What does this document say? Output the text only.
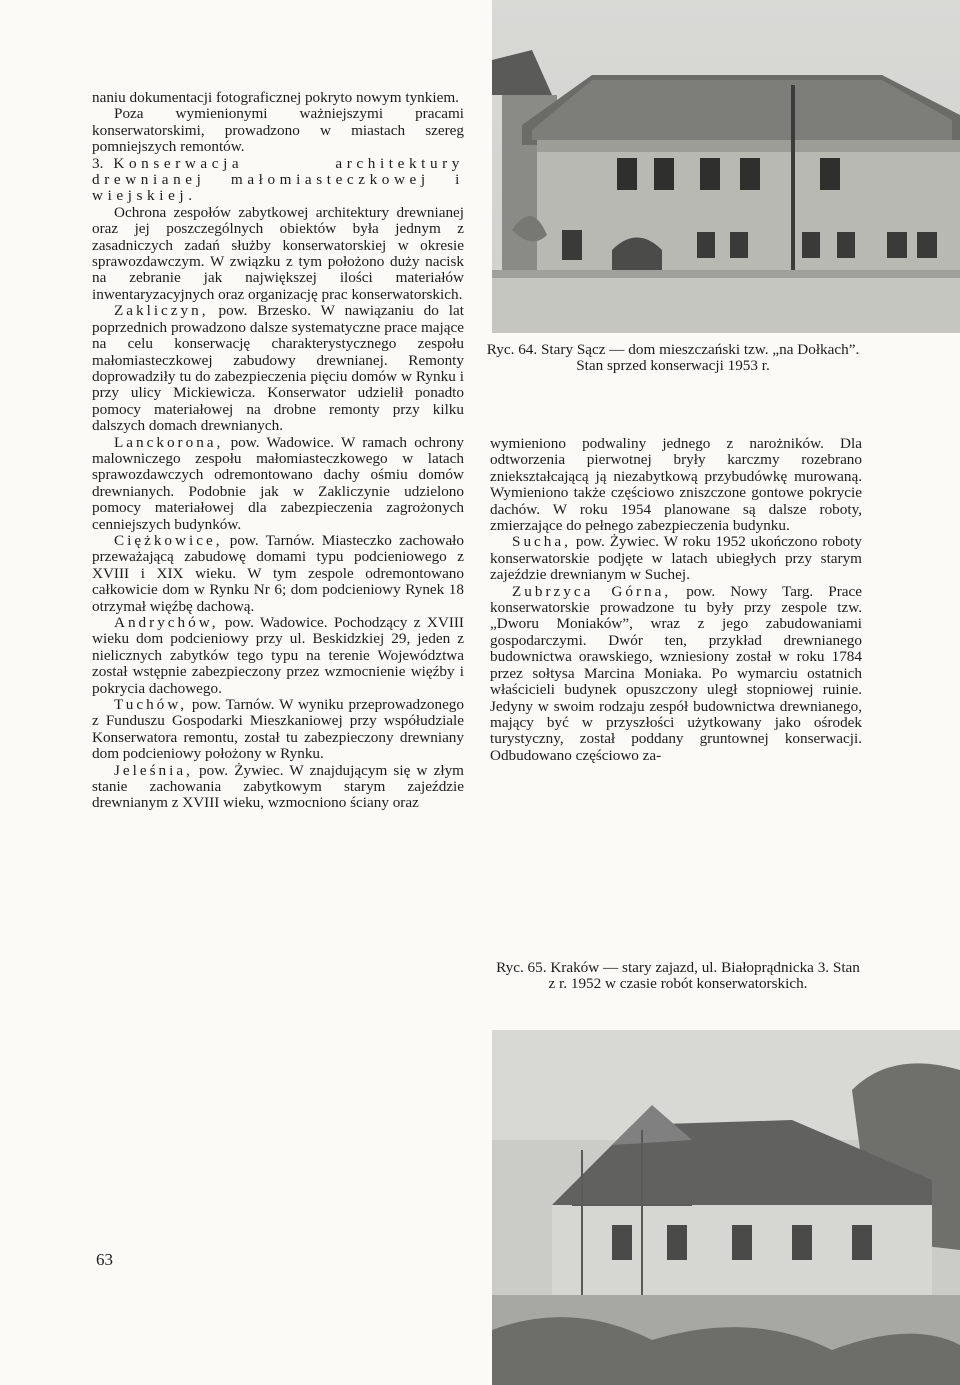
naniu dokumentacji fotograficznej pokryto nowym tynkiem.

Poza wymienionymi ważniejszymi pracami konserwatorskimi, prowadzono w miastach szereg pomniejszych remontów.

3. Konserwacja architektury drewnianej małomiasteczkowej i wiejskiej.

Ochrona zespołów zabytkowej architektury drewnianej oraz jej poszczególnych obiektów była jednym z zasadniczych zadań służby konserwatorskiej w okresie sprawozdawczym. W związku z tym położono duży nacisk na zebranie jak największej ilości materiałów inwentaryzacyjnych oraz organizację prac konserwatorskich.

Zakliczyn, pow. Brzesko. W nawiązaniu do lat poprzednich prowadzono dalsze systematyczne prace mające na celu konserwację charakterystycznego zespołu małomiasteczkowej zabudowy drewnianej. Remonty doprowadziły tu do zabezpieczenia pięciu domów w Rynku i przy ulicy Mickiewicza. Konserwator udzielił ponadto pomocy materiałowej na drobne remonty przy kilku dalszych domach drewnianych.

Lanckorona, pow. Wadowice. W ramach ochrony malowniczego zespołu małomiasteczkowego w latach sprawozdawczych odremontowano dachy ośmiu domów drewnianych. Podobnie jak w Zakliczynie udzielono pomocy materiałowej dla zabezpieczenia zagrożonych cenniejszych budynków.

Ciężkowice, pow. Tarnów. Miasteczko zachowało przeważającą zabudowę domami typu podcieniowego z XVIII i XIX wieku. W tym zespole odremontowano całkowicie dom w Rynku Nr 6; dom podcieniowy Rynek 18 otrzymał więźbę dachową.

Andrychów, pow. Wadowice. Pochodzący z XVIII wieku dom podcieniowy przy ul. Beskidzkiej 29, jeden z nielicznych zabytków tego typu na terenie Województwa został wstępnie zabezpieczony przez wzmocnienie więźby i pokrycia dachowego.

Tuchów, pow. Tarnów. W wyniku przeprowadzonego z Funduszu Gospodarki Mieszkaniowej przy współudziale Konserwatora remontu, został tu zabezpieczony drewniany dom podcieniowy położony w Rynku.

Jeleśnia, pow. Żywiec. W znajdującym się w złym stanie zachowania zabytkowym starym zajeździe drewnianym z XVIII wieku, wzmocniono ściany oraz

Ryc. 64. Stary Sącz — dom mieszczański tzw. „na Dołkach”. Stan sprzed konserwacji 1953 r.

wymieniono podwaliny jednego z narożników. Dla odtworzenia pierwotnej bryły karczmy rozebrano zniekształcającą ją niezabytkową przybudówkę murowaną. Wymieniono także częściowo zniszczone gontowe pokrycie dachów. W roku 1954 planowane są dalsze roboty, zmierzające do pełnego zabezpieczenia budynku.

Sucha, pow. Żywiec. W roku 1952 ukończono roboty konserwatorskie podjęte w latach ubiegłych przy starym zajeździe drewnianym w Suchej.

Zubrzyca Górna, pow. Nowy Targ. Prace konserwatorskie prowadzone tu były przy zespole tzw. „Dworu Moniaków”, wraz z jego zabudowaniami gospodarczymi. Dwór ten, przykład drewnianego budownictwa orawskiego, wzniesiony został w roku 1784 przez sołtysa Marcina Moniaka. Po wymarciu ostatnich właścicieli budynek opuszczony uległ stopniowej ruinie. Jedyny w swoim rodzaju zespół budownictwa drewnianego, mający być w przyszłości użytkowany jako ośrodek turystyczny, został poddany gruntownej konserwacji. Odbudowano częściowo za-

Ryc. 65. Kraków — stary zajazd, ul. Białoprądnicka 3. Stan z r. 1952 w czasie robót konserwatorskich.
63
